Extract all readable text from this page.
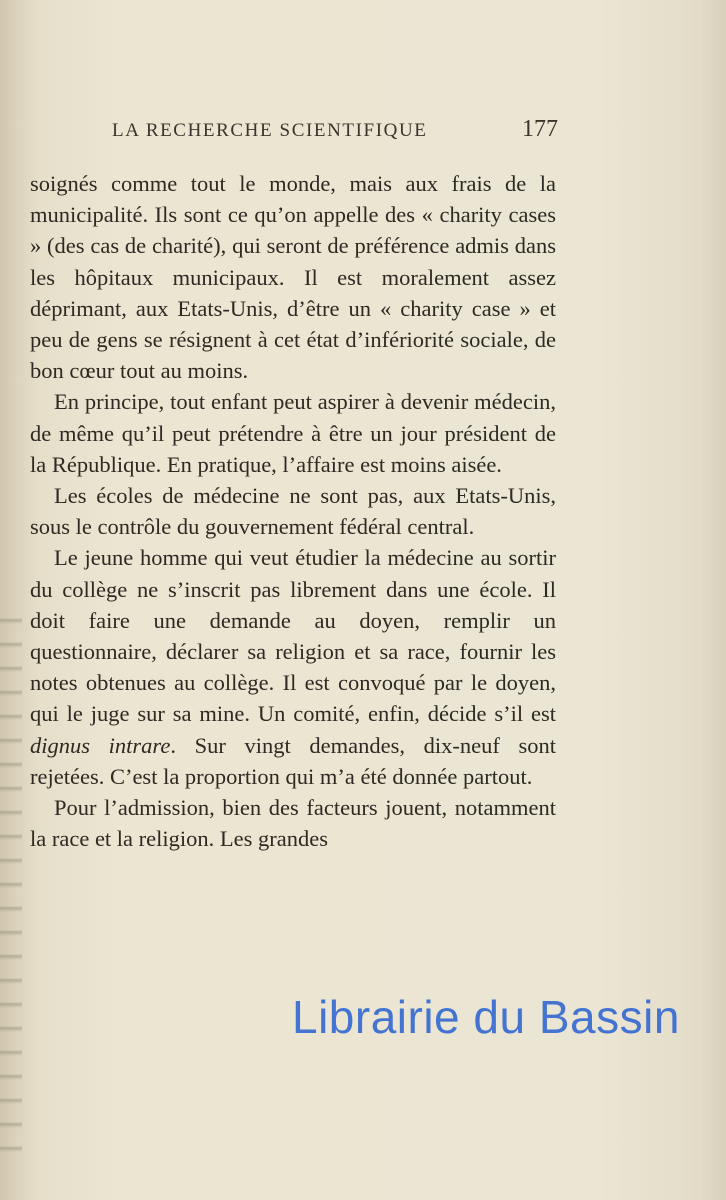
LA RECHERCHE SCIENTIFIQUE	177

soignés comme tout le monde, mais aux frais de la municipalité. Ils sont ce qu’on appelle des « charity cases » (des cas de charité), qui seront de préférence admis dans les hôpitaux municipaux. Il est moralement assez déprimant, aux Etats-Unis, d’être un « charity case » et peu de gens se résignent à cet état d’infériorité sociale, de bon cœur tout au moins.

En principe, tout enfant peut aspirer à devenir médecin, de même qu’il peut prétendre à être un jour président de la République. En pratique, l’affaire est moins aisée.

Les écoles de médecine ne sont pas, aux Etats-Unis, sous le contrôle du gouvernement fédéral central.

Le jeune homme qui veut étudier la médecine au sortir du collège ne s’inscrit pas librement dans une école. Il doit faire une demande au doyen, remplir un questionnaire, déclarer sa religion et sa race, fournir les notes obtenues au collège. Il est convoqué par le doyen, qui le juge sur sa mine. Un comité, enfin, décide s’il est dignus intrare. Sur vingt demandes, dix-neuf sont rejetées. C’est la proportion qui m’a été donnée partout.

Pour l’admission, bien des facteurs jouent, notamment la race et la religion. Les grandes

Librairie du Bassin
